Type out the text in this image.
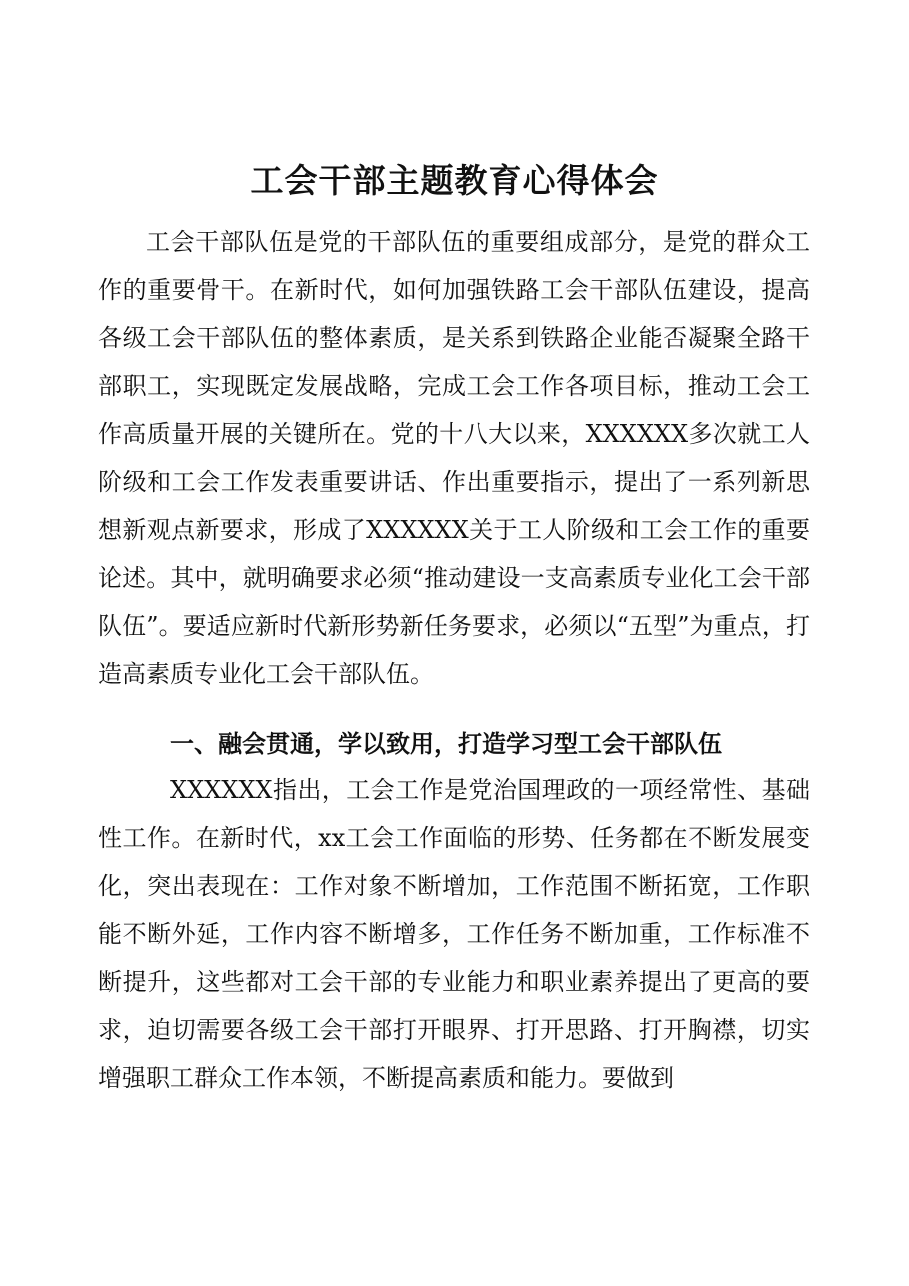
工会干部主题教育心得体会

工会干部队伍是党的干部队伍的重要组成部分，是党的群众工作的重要骨干。在新时代，如何加强铁路工会干部队伍建设，提高各级工会干部队伍的整体素质，是关系到铁路企业能否凝聚全路干部职工，实现既定发展战略，完成工会工作各项目标，推动工会工作高质量开展的关键所在。党的十八大以来，XXXXXX多次就工人阶级和工会工作发表重要讲话、作出重要指示，提出了一系列新思想新观点新要求，形成了XXXXXX关于工人阶级和工会工作的重要论述。其中，就明确要求必须“推动建设一支高素质专业化工会干部队伍”。要适应新时代新形势新任务要求，必须以“五型”为重点，打造高素质专业化工会干部队伍。

一、融会贯通，学以致用，打造学习型工会干部队伍

XXXXXX指出，工会工作是党治国理政的一项经常性、基础性工作。在新时代，xx工会工作面临的形势、任务都在不断发展变化，突出表现在：工作对象不断增加，工作范围不断拓宽，工作职能不断外延，工作内容不断增多，工作任务不断加重，工作标准不断提升，这些都对工会干部的专业能力和职业素养提出了更高的要求，迫切需要各级工会干部打开眼界、打开思路、打开胸襟，切实增强职工群众工作本领，不断提高素质和能力。要做到
